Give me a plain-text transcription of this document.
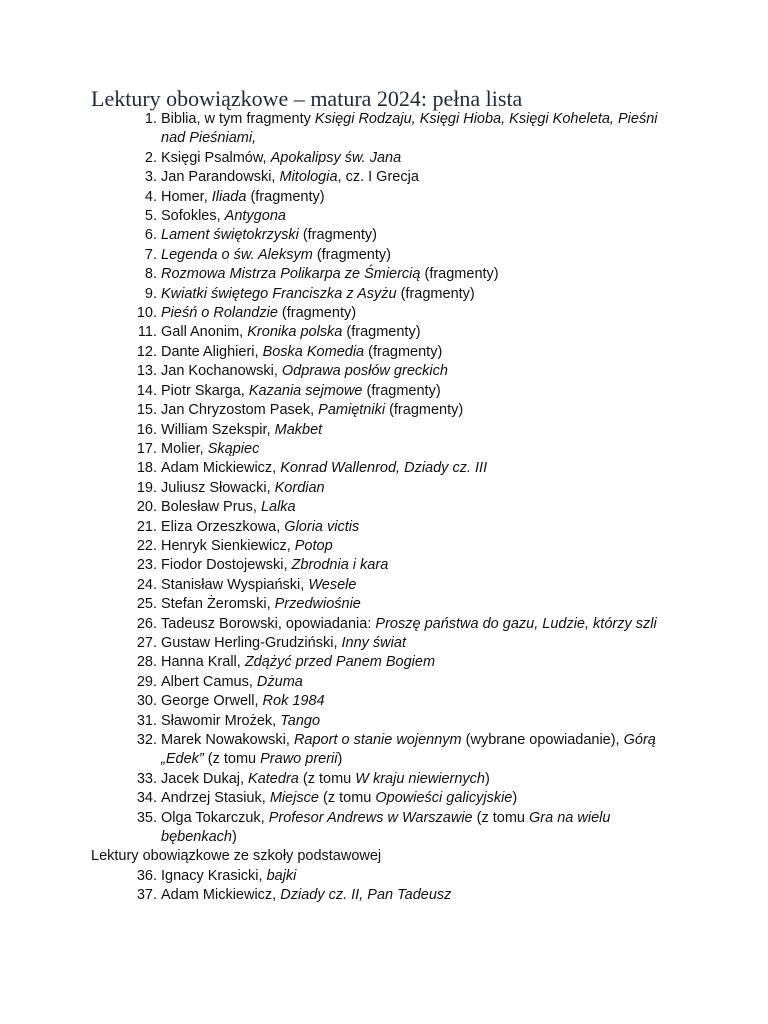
Lektury obowiązkowe – matura 2024: pełna lista
1. Biblia, w tym fragmenty Księgi Rodzaju, Księgi Hioba, Księgi Koheleta, Pieśni nad Pieśniami,
2. Księgi Psalmów, Apokalipsy św. Jana
3. Jan Parandowski, Mitologia, cz. I Grecja
4. Homer, Iliada (fragmenty)
5. Sofokles, Antygona
6. Lament świętokrzyski (fragmenty)
7. Legenda o św. Aleksym (fragmenty)
8. Rozmowa Mistrza Polikarpa ze Śmiercią (fragmenty)
9. Kwiatki świętego Franciszka z Asyżu (fragmenty)
10. Pieśń o Rolandzie (fragmenty)
11. Gall Anonim, Kronika polska (fragmenty)
12. Dante Alighieri, Boska Komedia (fragmenty)
13. Jan Kochanowski, Odprawa posłów greckich
14. Piotr Skarga, Kazania sejmowe (fragmenty)
15. Jan Chryzostom Pasek, Pamiętniki (fragmenty)
16. William Szekspir, Makbet
17. Molier, Skąpiec
18. Adam Mickiewicz, Konrad Wallenrod, Dziady cz. III
19. Juliusz Słowacki, Kordian
20. Bolesław Prus, Lalka
21. Eliza Orzeszkowa, Gloria victis
22. Henryk Sienkiewicz, Potop
23. Fiodor Dostojewski, Zbrodnia i kara
24. Stanisław Wyspiański, Wesele
25. Stefan Żeromski, Przedwiośnie
26. Tadeusz Borowski, opowiadania: Proszę państwa do gazu, Ludzie, którzy szli
27. Gustaw Herling-Grudziński, Inny świat
28. Hanna Krall, Zdążyć przed Panem Bogiem
29. Albert Camus, Dżuma
30. George Orwell, Rok 1984
31. Sławomir Mrożek, Tango
32. Marek Nowakowski, Raport o stanie wojennym (wybrane opowiadanie), Górą „Edek” (z tomu Prawo prerii)
33. Jacek Dukaj, Katedra (z tomu W kraju niewiernych)
34. Andrzej Stasiuk, Miejsce (z tomu Opowieści galicyjskie)
35. Olga Tokarczuk, Profesor Andrews w Warszawie (z tomu Gra na wielu bębenkach)
Lektury obowiązkowe ze szkoły podstawowej
36. Ignacy Krasicki, bajki
37. Adam Mickiewicz, Dziady cz. II, Pan Tadeusz
